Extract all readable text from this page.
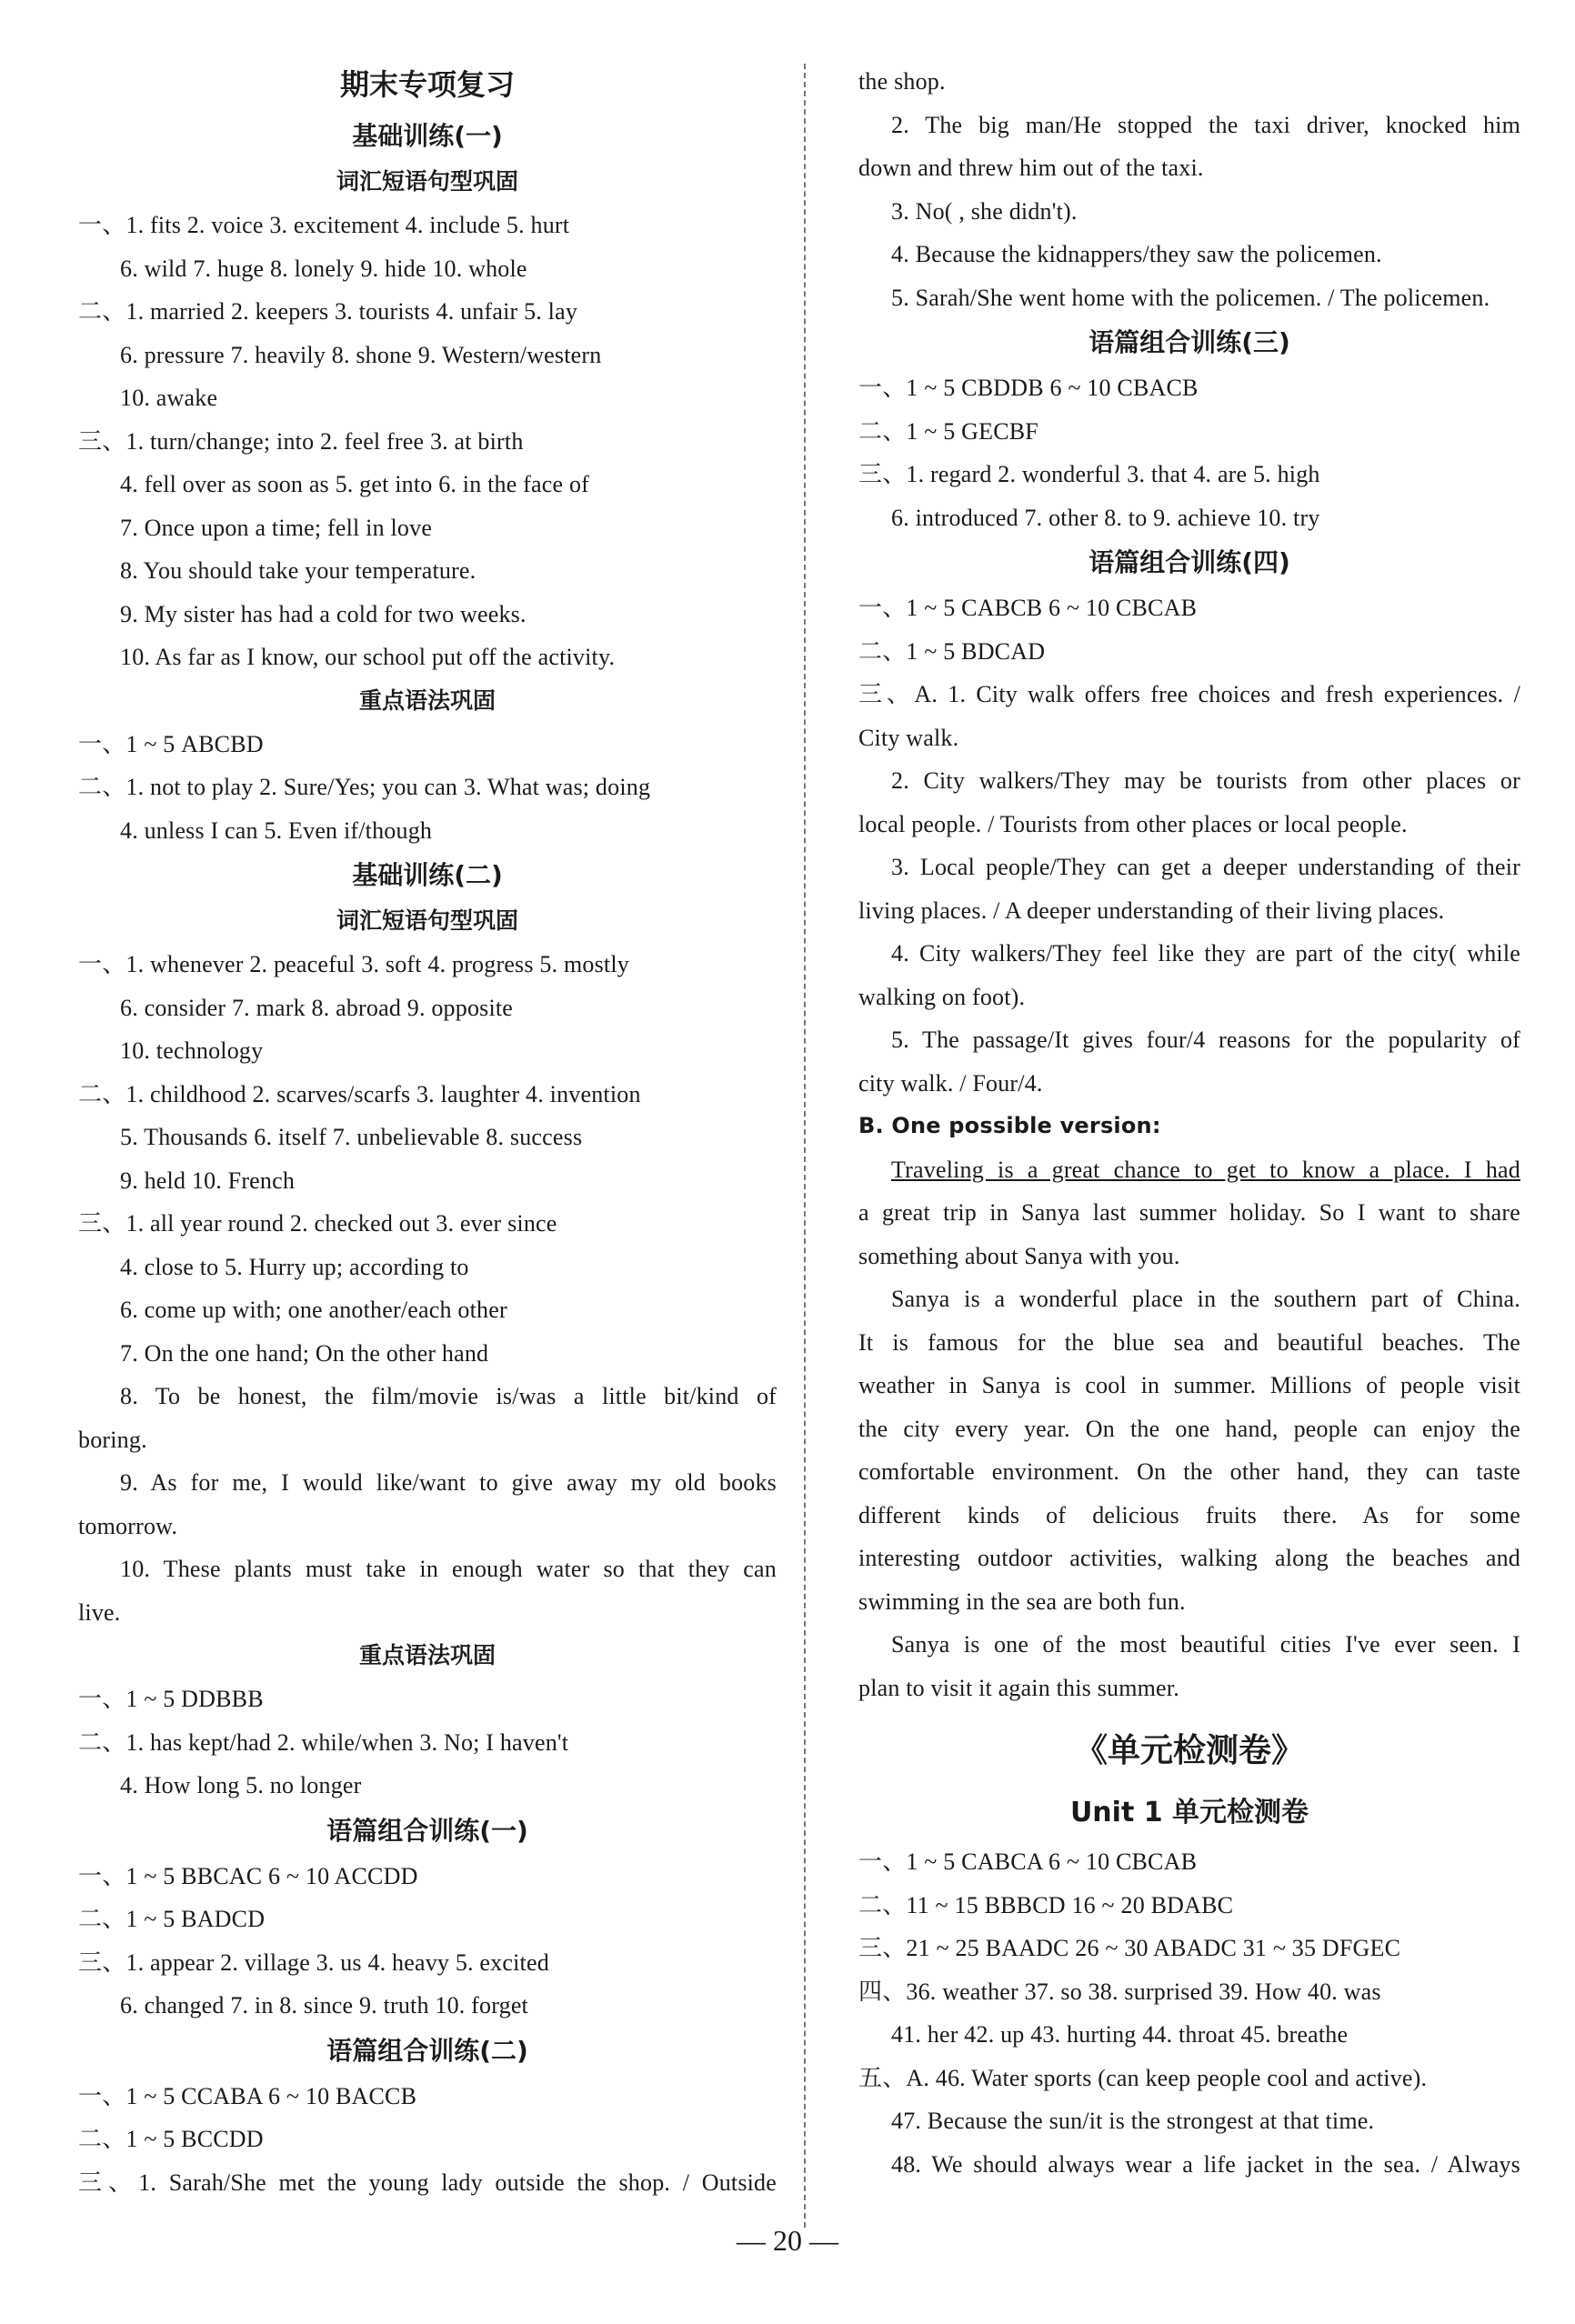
期末专项复习
基础训练(一)
词汇短语句型巩固
一、1. fits 2. voice 3. excitement 4. include 5. hurt
6. wild 7. huge 8. lonely 9. hide 10. whole
二、1. married 2. keepers 3. tourists 4. unfair 5. lay
6. pressure 7. heavily 8. shone 9. Western/western
10. awake
三、1. turn/change; into 2. feel free 3. at birth
4. fell over as soon as 5. get into 6. in the face of
7. Once upon a time; fell in love
8. You should take your temperature.
9. My sister has had a cold for two weeks.
10. As far as I know, our school put off the activity.
重点语法巩固
一、1 ~ 5 ABCBD
二、1. not to play 2. Sure/Yes; you can 3. What was; doing
4. unless I can 5. Even if/though
基础训练(二)
词汇短语句型巩固
一、1. whenever 2. peaceful 3. soft 4. progress 5. mostly
6. consider 7. mark 8. abroad 9. opposite
10. technology
二、1. childhood 2. scarves/scarfs 3. laughter 4. invention
5. Thousands 6. itself 7. unbelievable 8. success
9. held 10. French
三、1. all year round 2. checked out 3. ever since
4. close to 5. Hurry up; according to
6. come up with; one another/each other
7. On the one hand; On the other hand
8. To be honest, the film/movie is/was a little bit/kind of
boring.
9. As for me, I would like/want to give away my old books
tomorrow.
10. These plants must take in enough water so that they can
live.
重点语法巩固
一、1 ~ 5 DDBBB
二、1. has kept/had 2. while/when 3. No; I haven't
4. How long 5. no longer
语篇组合训练(一)
一、1 ~ 5 BBCAC 6 ~ 10 ACCDD
二、1 ~ 5 BADCD
三、1. appear 2. village 3. us 4. heavy 5. excited
6. changed 7. in 8. since 9. truth 10. forget
语篇组合训练(二)
一、1 ~ 5 CCABA 6 ~ 10 BACCB
二、1 ~ 5 BCCDD
三、1. Sarah/She met the young lady outside the shop. / Outside
the shop.
2. The big man/He stopped the taxi driver, knocked him
down and threw him out of the taxi.
3. No( , she didn't).
4. Because the kidnappers/they saw the policemen.
5. Sarah/She went home with the policemen. / The policemen.
语篇组合训练(三)
一、1 ~ 5 CBDDB 6 ~ 10 CBACB
二、1 ~ 5 GECBF
三、1. regard 2. wonderful 3. that 4. are 5. high
6. introduced 7. other 8. to 9. achieve 10. try
语篇组合训练(四)
一、1 ~ 5 CABCB 6 ~ 10 CBCAB
二、1 ~ 5 BDCAD
三、A. 1. City walk offers free choices and fresh experiences. /
City walk.
2. City walkers/They may be tourists from other places or
local people. / Tourists from other places or local people.
3. Local people/They can get a deeper understanding of their
living places. / A deeper understanding of their living places.
4. City walkers/They feel like they are part of the city( while
walking on foot).
5. The passage/It gives four/4 reasons for the popularity of
city walk. / Four/4.
B. One possible version:
Traveling is a great chance to get to know a place. I had
a great trip in Sanya last summer holiday. So I want to share
something about Sanya with you.
Sanya is a wonderful place in the southern part of China.
It is famous for the blue sea and beautiful beaches. The
weather in Sanya is cool in summer. Millions of people visit
the city every year. On the one hand, people can enjoy the
comfortable environment. On the other hand, they can taste
different kinds of delicious fruits there. As for some
interesting outdoor activities, walking along the beaches and
swimming in the sea are both fun.
Sanya is one of the most beautiful cities I've ever seen. I
plan to visit it again this summer.
《单元检测卷》
Unit 1 单元检测卷
一、1 ~ 5 CABCA 6 ~ 10 CBCAB
二、11 ~ 15 BBBCD 16 ~ 20 BDABC
三、21 ~ 25 BAADC 26 ~ 30 ABADC 31 ~ 35 DFGEC
四、36. weather 37. so 38. surprised 39. How 40. was
41. her 42. up 43. hurting 44. throat 45. breathe
五、A. 46. Water sports (can keep people cool and active).
47. Because the sun/it is the strongest at that time.
48. We should always wear a life jacket in the sea. / Always
— 20 —
